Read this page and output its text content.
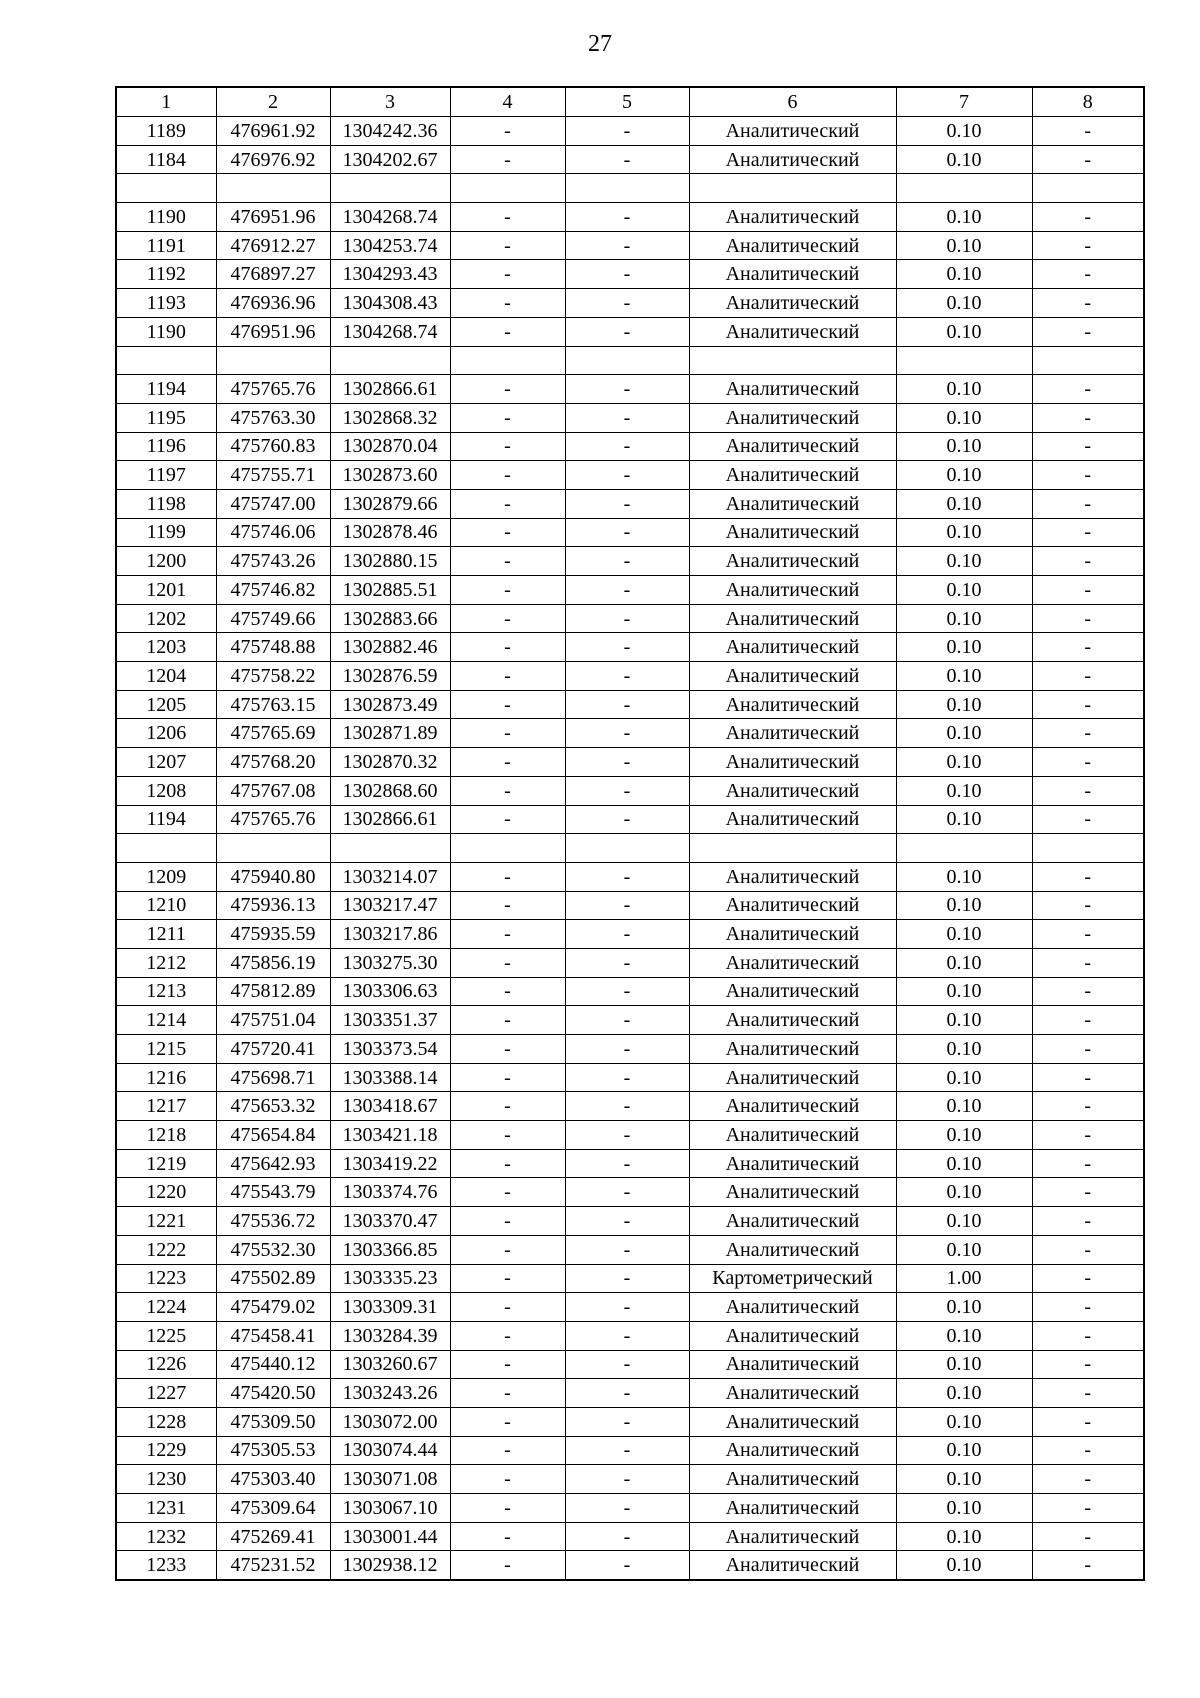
27
1	2	3	4	5	6	7	8
1189	476961.92	1304242.36	-	-	Аналитический	0.10	-
1184	476976.92	1304202.67	-	-	Аналитический	0.10	-

1190	476951.96	1304268.74	-	-	Аналитический	0.10	-
1191	476912.27	1304253.74	-	-	Аналитический	0.10	-
1192	476897.27	1304293.43	-	-	Аналитический	0.10	-
1193	476936.96	1304308.43	-	-	Аналитический	0.10	-
1190	476951.96	1304268.74	-	-	Аналитический	0.10	-

1194	475765.76	1302866.61	-	-	Аналитический	0.10	-
1195	475763.30	1302868.32	-	-	Аналитический	0.10	-
1196	475760.83	1302870.04	-	-	Аналитический	0.10	-
1197	475755.71	1302873.60	-	-	Аналитический	0.10	-
1198	475747.00	1302879.66	-	-	Аналитический	0.10	-
1199	475746.06	1302878.46	-	-	Аналитический	0.10	-
1200	475743.26	1302880.15	-	-	Аналитический	0.10	-
1201	475746.82	1302885.51	-	-	Аналитический	0.10	-
1202	475749.66	1302883.66	-	-	Аналитический	0.10	-
1203	475748.88	1302882.46	-	-	Аналитический	0.10	-
1204	475758.22	1302876.59	-	-	Аналитический	0.10	-
1205	475763.15	1302873.49	-	-	Аналитический	0.10	-
1206	475765.69	1302871.89	-	-	Аналитический	0.10	-
1207	475768.20	1302870.32	-	-	Аналитический	0.10	-
1208	475767.08	1302868.60	-	-	Аналитический	0.10	-
1194	475765.76	1302866.61	-	-	Аналитический	0.10	-

1209	475940.80	1303214.07	-	-	Аналитический	0.10	-
1210	475936.13	1303217.47	-	-	Аналитический	0.10	-
1211	475935.59	1303217.86	-	-	Аналитический	0.10	-
1212	475856.19	1303275.30	-	-	Аналитический	0.10	-
1213	475812.89	1303306.63	-	-	Аналитический	0.10	-
1214	475751.04	1303351.37	-	-	Аналитический	0.10	-
1215	475720.41	1303373.54	-	-	Аналитический	0.10	-
1216	475698.71	1303388.14	-	-	Аналитический	0.10	-
1217	475653.32	1303418.67	-	-	Аналитический	0.10	-
1218	475654.84	1303421.18	-	-	Аналитический	0.10	-
1219	475642.93	1303419.22	-	-	Аналитический	0.10	-
1220	475543.79	1303374.76	-	-	Аналитический	0.10	-
1221	475536.72	1303370.47	-	-	Аналитический	0.10	-
1222	475532.30	1303366.85	-	-	Аналитический	0.10	-
1223	475502.89	1303335.23	-	-	Картометрический	1.00	-
1224	475479.02	1303309.31	-	-	Аналитический	0.10	-
1225	475458.41	1303284.39	-	-	Аналитический	0.10	-
1226	475440.12	1303260.67	-	-	Аналитический	0.10	-
1227	475420.50	1303243.26	-	-	Аналитический	0.10	-
1228	475309.50	1303072.00	-	-	Аналитический	0.10	-
1229	475305.53	1303074.44	-	-	Аналитический	0.10	-
1230	475303.40	1303071.08	-	-	Аналитический	0.10	-
1231	475309.64	1303067.10	-	-	Аналитический	0.10	-
1232	475269.41	1303001.44	-	-	Аналитический	0.10	-
1233	475231.52	1302938.12	-	-	Аналитический	0.10	-
